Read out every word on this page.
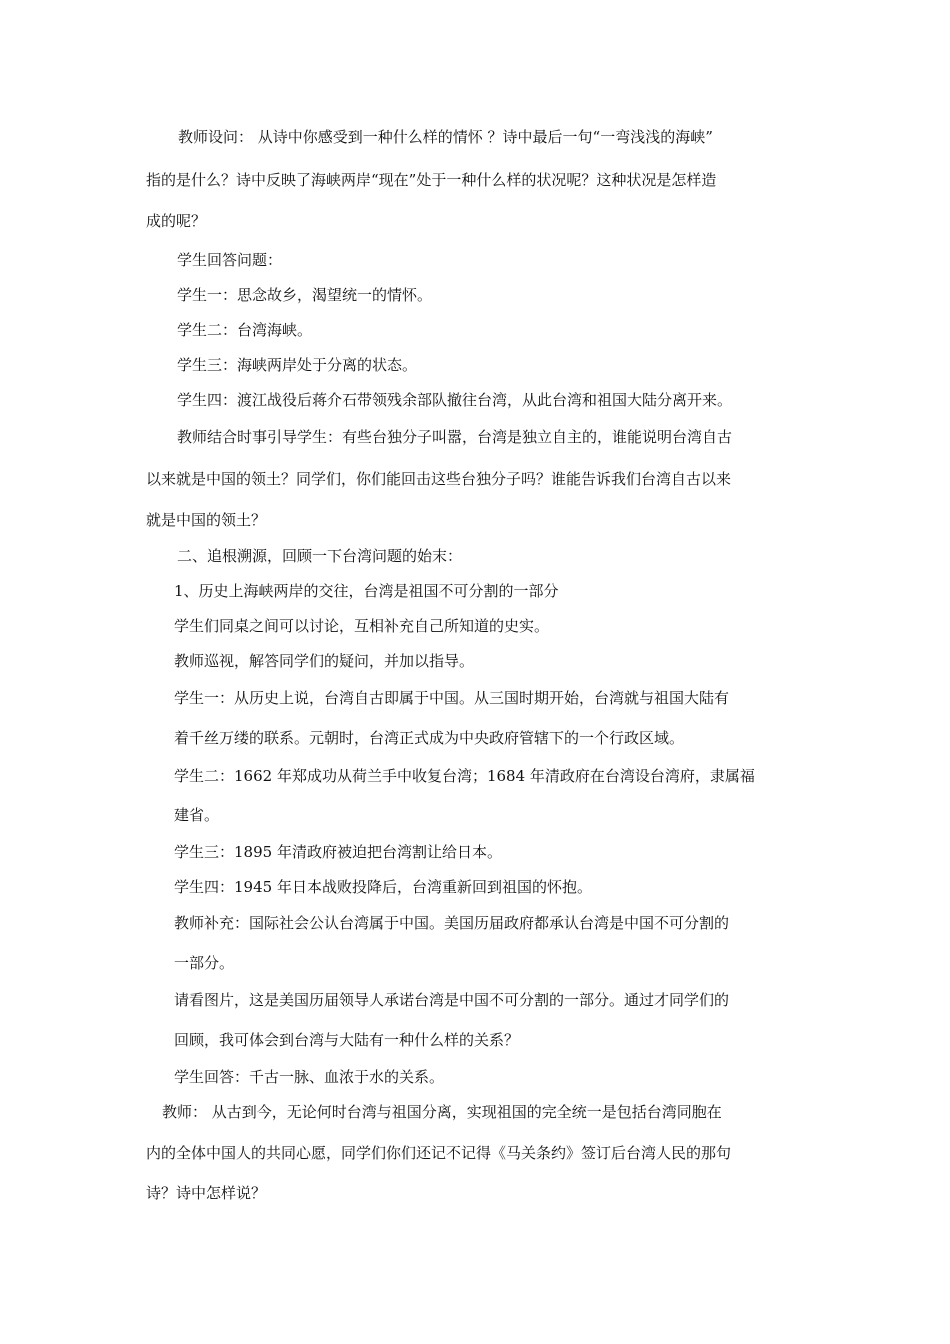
教师设问： 从诗中你感受到一种什么样的情怀 ？诗中最后一句“一弯浅浅的海峡”

指的是什么？诗中反映了海峡两岸“现在”处于一种什么样的状况呢？这种状况是怎样造

成的呢？

学生回答问题：

学生一：思念故乡，渴望统一的情怀。

学生二：台湾海峡。

学生三：海峡两岸处于分离的状态。

学生四：渡江战役后蒋介石带领残余部队撤往台湾，从此台湾和祖国大陆分离开来。

教师结合时事引导学生：有些台独分子叫嚣，台湾是独立自主的，谁能说明台湾自古

以来就是中国的领土？同学们，你们能回击这些台独分子吗？谁能告诉我们台湾自古以来

就是中国的领土？

二、追根溯源，回顾一下台湾问题的始末：

1、历史上海峡两岸的交往，台湾是祖国不可分割的一部分

学生们同桌之间可以讨论，互相补充自己所知道的史实。

教师巡视，解答同学们的疑问，并加以指导。

学生一：从历史上说，台湾自古即属于中国。从三国时期开始，台湾就与祖国大陆有

着千丝万缕的联系。元朝时，台湾正式成为中央政府管辖下的一个行政区域。

学生二：1662 年郑成功从荷兰手中收复台湾；1684 年清政府在台湾设台湾府，隶属福

建省。

学生三：1895 年清政府被迫把台湾割让给日本。

学生四：1945 年日本战败投降后，台湾重新回到祖国的怀抱。

教师补充：国际社会公认台湾属于中国。美国历届政府都承认台湾是中国不可分割的

一部分。

请看图片，这是美国历届领导人承诺台湾是中国不可分割的一部分。通过才同学们的

回顾，我可体会到台湾与大陆有一种什么样的关系？

学生回答：千古一脉、血浓于水的关系。

教师： 从古到今，无论何时台湾与祖国分离，实现祖国的完全统一是包括台湾同胞在

内的全体中国人的共同心愿，同学们你们还记不记得《马关条约》签订后台湾人民的那句

诗？诗中怎样说？
